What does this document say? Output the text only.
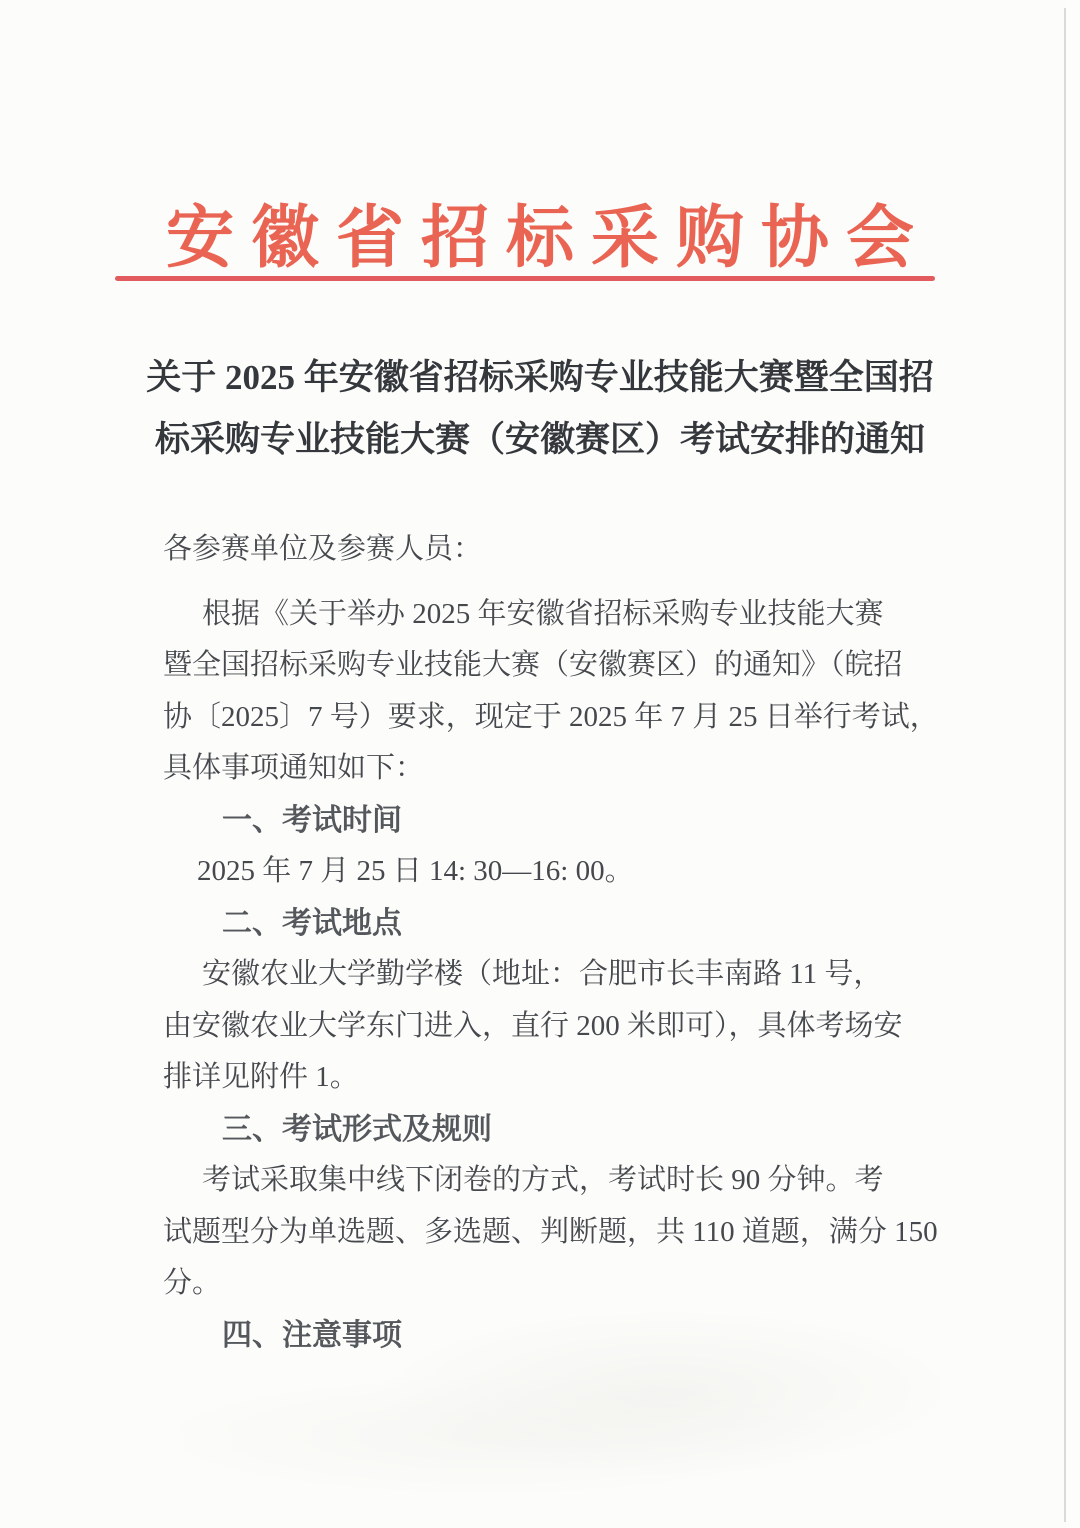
安徽省招标采购协会
关于 2025 年安徽省招标采购专业技能大赛暨全国招
标采购专业技能大赛（安徽赛区）考试安排的通知
各参赛单位及参赛人员：
根据《关于举办 2025 年安徽省招标采购专业技能大赛
暨全国招标采购专业技能大赛（安徽赛区）的通知》（皖招
协〔2025〕7 号）要求，现定于 2025 年 7 月 25 日举行考试，
具体事项通知如下：
一、考试时间
2025 年 7 月 25 日 14: 30—16: 00。
二、考试地点
安徽农业大学勤学楼（地址：合肥市长丰南路 11 号，
由安徽农业大学东门进入，直行 200 米即可），具体考场安
排详见附件 1。
三、考试形式及规则
考试采取集中线下闭卷的方式，考试时长 90 分钟。考
试题型分为单选题、多选题、判断题，共 110 道题，满分 150
分。
四、注意事项
